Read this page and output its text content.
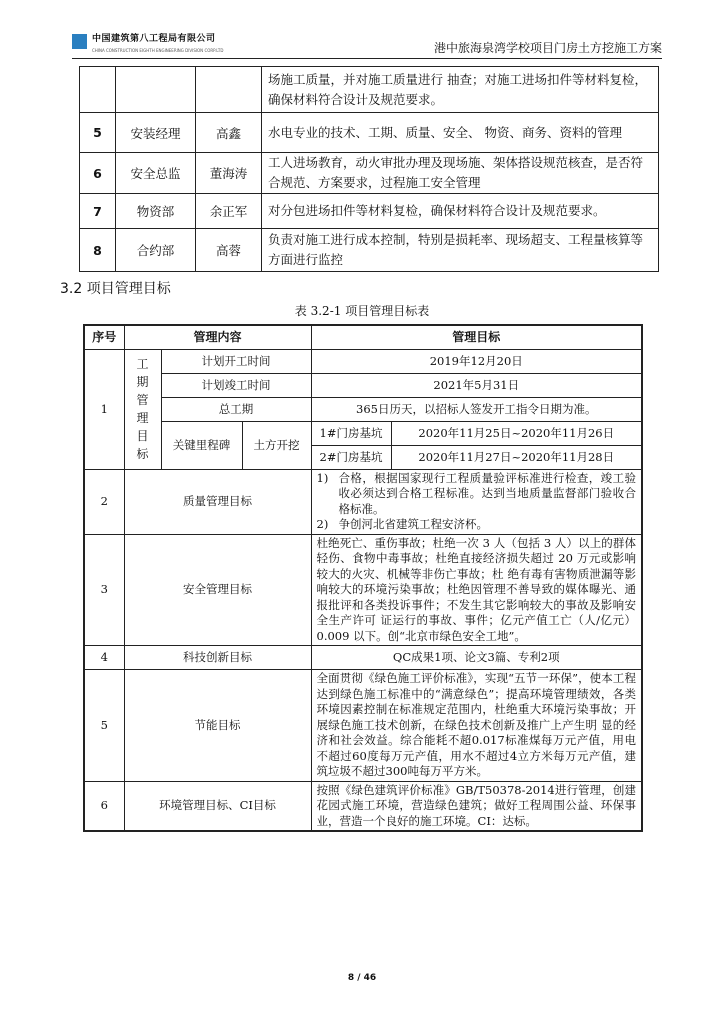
中国建筑第八工程局有限公司
CHINA CONSTRUCTION EIGHTH ENGINEERING DIVISION CORP.LTD	港中旅海泉湾学校项目门房土方挖施工方案
			场施工质量，并对施工质量进行 抽查；对施工进场扣件等材料复检，确保材料符合设计及规范要求。
5	安装经理	高鑫	水电专业的技术、工期、质量、安全、 物资、商务、资料的管理
6	安全总监	董海涛	工人进场教育，动火审批办理及现场施、架体搭设规范核查，是否符合规范、方案要求，过程施工安全管理
7	物资部	余正军	对分包进场扣件等材料复检，确保材料符合设计及规范要求。
8	合约部	高蓉	负责对施工进行成本控制，特别是损耗率、现场超支、工程量核算等方面进行监控
3.2 项目管理目标
表 3.2-1 项目管理目标表
序号	管理内容			管理目标	
1	工期管理目标	计划开工时间		2019年12月20日	
		计划竣工时间		2021年5月31日	
		总工期		365日历天，以招标人签发开工指令日期为准。	
		关键里程碑	土方开挖	1#门房基坑	2020年11月25日~2020年11月26日
				2#门房基坑	2020年11月27日~2020年11月28日
2	质量管理目标			1) 合格，根据国家现行工程质量验评标准进行检查，竣工验收必须达到合格工程标准。达到当地质量监督部门验收合格标准。
2) 争创河北省建筑工程安济杯。	

3	安全管理目标			杜绝死亡、重伤事故；杜绝一次 3 人（包括 3 人）以上的群体轻伤、食物中毒事故；杜绝直接经济损失超过 20 万元或影响较大的火灾、机械等非伤亡事故；杜 绝有毒有害物质泄漏等影响较大的环境污染事故；杜绝因管理不善导致的媒体曝光、通报批评和各类投诉事件；不发生其它影响较大的事故及影响安全生产许可 证运行的事故、事件；亿元产值工亡（人/亿元）0.009 以下。创“北京市绿色安全工地”。	
4	科技创新目标			QC成果1项、论文3篇、专利2项	
5	节能目标			全面贯彻《绿色施工评价标准》，实现“五节一环保”，使本工程达到绿色施工标准中的“满意绿色”；提高环境管理绩效，各类环境因素控制在标准规定范围内，杜绝重大环境污染事故；开展绿色施工技术创新，在绿色技术创新及推广上产生明 显的经济和社会效益。综合能耗不超0.017标准煤每万元产值，用电不超过60度每万元产值，用水不超过4立方米每万元产值，建筑垃圾不超过300吨每万平方米。	
6	环境管理目标、CI目标			按照《绿色建筑评价标准》GB/T50378-2014进行管理，创建花园式施工环境，营造绿色建筑；做好工程周围公益、环保事业，营造一个良好的施工环境。CI：达标。	
8 / 46
